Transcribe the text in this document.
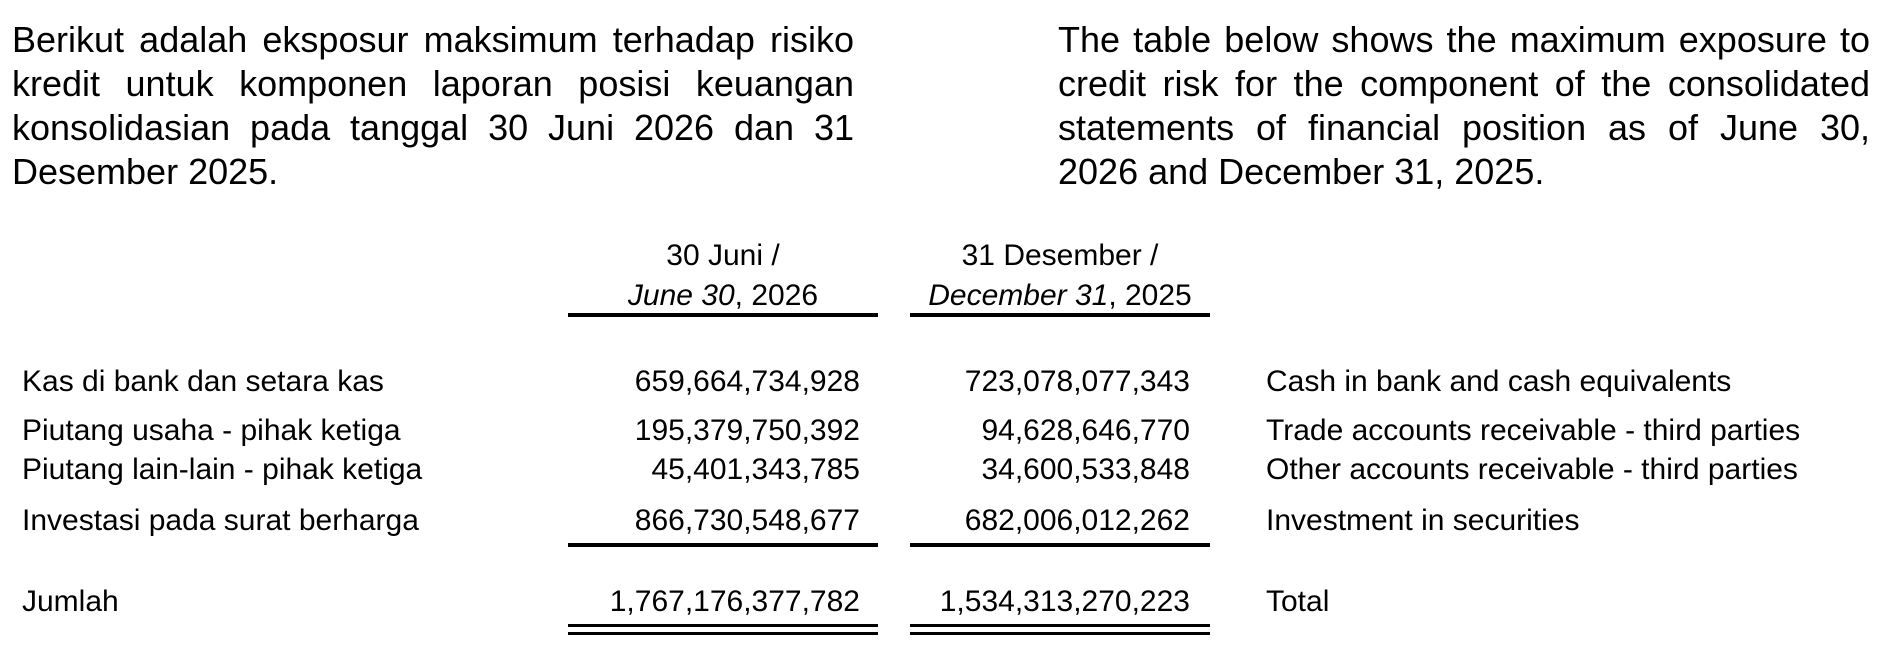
Berikut adalah eksposur maksimum terhadap risiko kredit untuk komponen laporan posisi keuangan konsolidasian pada tanggal 30 Juni 2026 dan 31 Desember 2025.
The table below shows the maximum exposure to credit risk for the component of the consolidated statements of financial position as of June 30, 2026 and December 31, 2025.
30 Juni /
June 30, 2026
31 Desember /
December 31, 2025
Kas di bank dan setara kas	659,664,734,928	723,078,077,343	Cash in bank and cash equivalents
Piutang usaha - pihak ketiga	195,379,750,392	94,628,646,770	Trade accounts receivable - third parties
Piutang lain-lain - pihak ketiga	45,401,343,785	34,600,533,848	Other accounts receivable - third parties
Investasi pada surat berharga	866,730,548,677	682,006,012,262	Investment in securities
Jumlah	1,767,176,377,782	1,534,313,270,223	Total
